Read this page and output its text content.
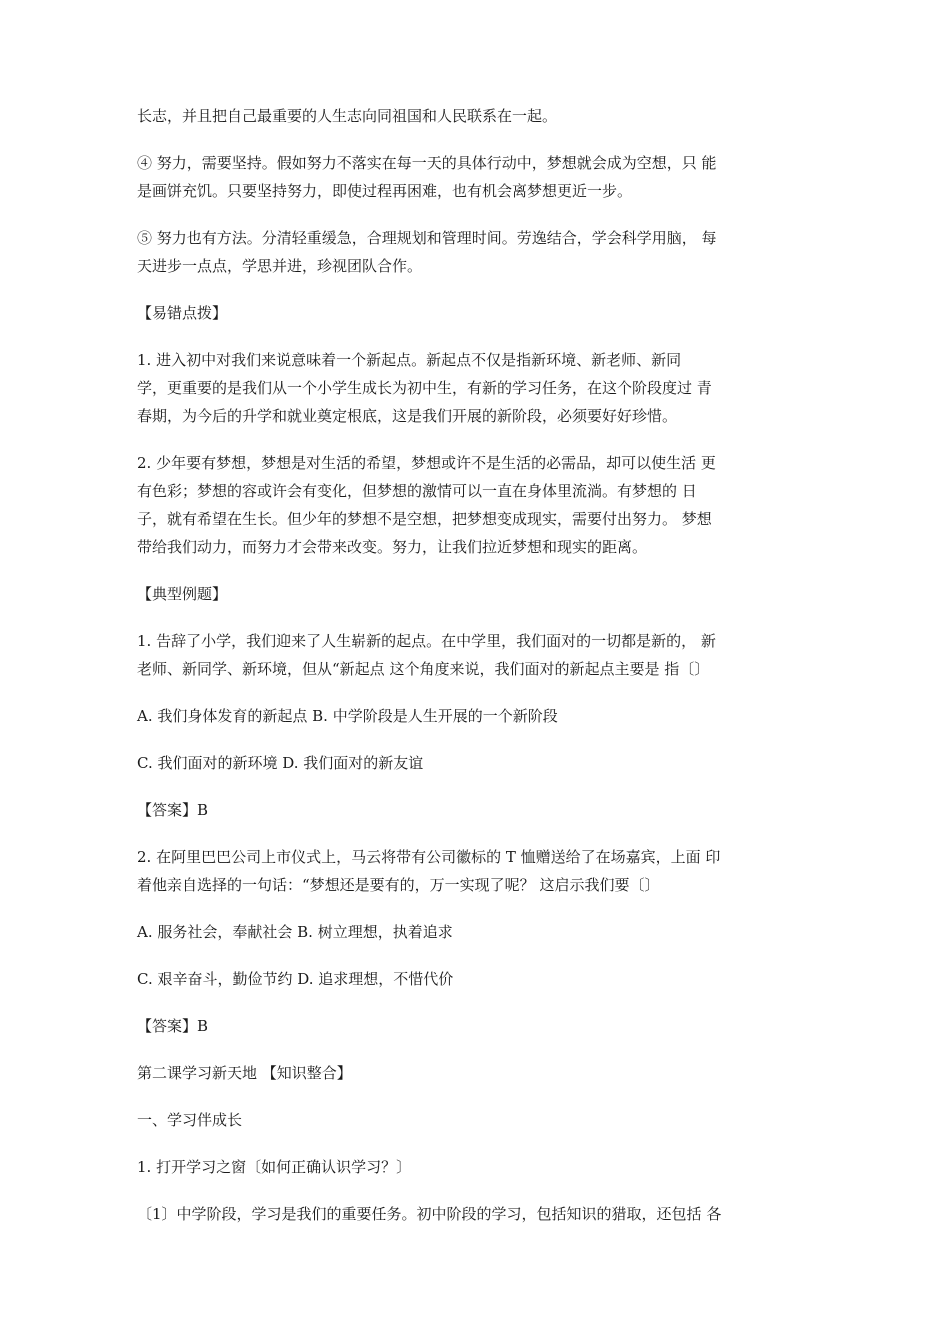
长志，并且把自己最重要的人生志向同祖国和人民联系在一起。
④ 努力，需要坚持。假如努力不落实在每一天的具体行动中，梦想就会成为空想，只 能
是画饼充饥。只要坚持努力，即使过程再困难，也有机会离梦想更近一步。
⑤ 努力也有方法。分清轻重缓急，合理规划和管理时间。劳逸结合，学会科学用脑， 每
天进步一点点，学思并进，珍视团队合作。
【易错点拨】
1. 进入初中对我们来说意味着一个新起点。新起点不仅是指新环境、新老师、新同
学，更重要的是我们从一个小学生成长为初中生，有新的学习任务，在这个阶段度过 青
春期，为今后的升学和就业奠定根底，这是我们开展的新阶段，必须要好好珍惜。
2. 少年要有梦想，梦想是对生活的希望，梦想或许不是生活的必需品，却可以使生活 更
有色彩；梦想的容或许会有变化，但梦想的激情可以一直在身体里流淌。有梦想的 日
子，就有希望在生长。但少年的梦想不是空想，把梦想变成现实，需要付出努力。 梦想
带给我们动力，而努力才会带来改变。努力，让我们拉近梦想和现实的距离。
【典型例题】
1. 告辞了小学，我们迎来了人生崭新的起点。在中学里，我们面对的一切都是新的， 新
老师、新同学、新环境，但从“新起点 这个角度来说，我们面对的新起点主要是 指〔〕
A. 我们身体发育的新起点 B. 中学阶段是人生开展的一个新阶段
C. 我们面对的新环境 D. 我们面对的新友谊
【答案】B
2. 在阿里巴巴公司上市仪式上，马云将带有公司徽标的 T 恤赠送给了在场嘉宾，上面 印
着他亲自选择的一句话：“梦想还是要有的，万一实现了呢？ 这启示我们要〔〕
A. 服务社会，奉献社会 B. 树立理想，执着追求
C. 艰辛奋斗，勤俭节约 D. 追求理想，不惜代价
【答案】B
第二课学习新天地 【知识整合】
一、学习伴成长
1. 打开学习之窗〔如何正确认识学习？〕
〔1〕中学阶段，学习是我们的重要任务。初中阶段的学习，包括知识的猎取，还包括 各
